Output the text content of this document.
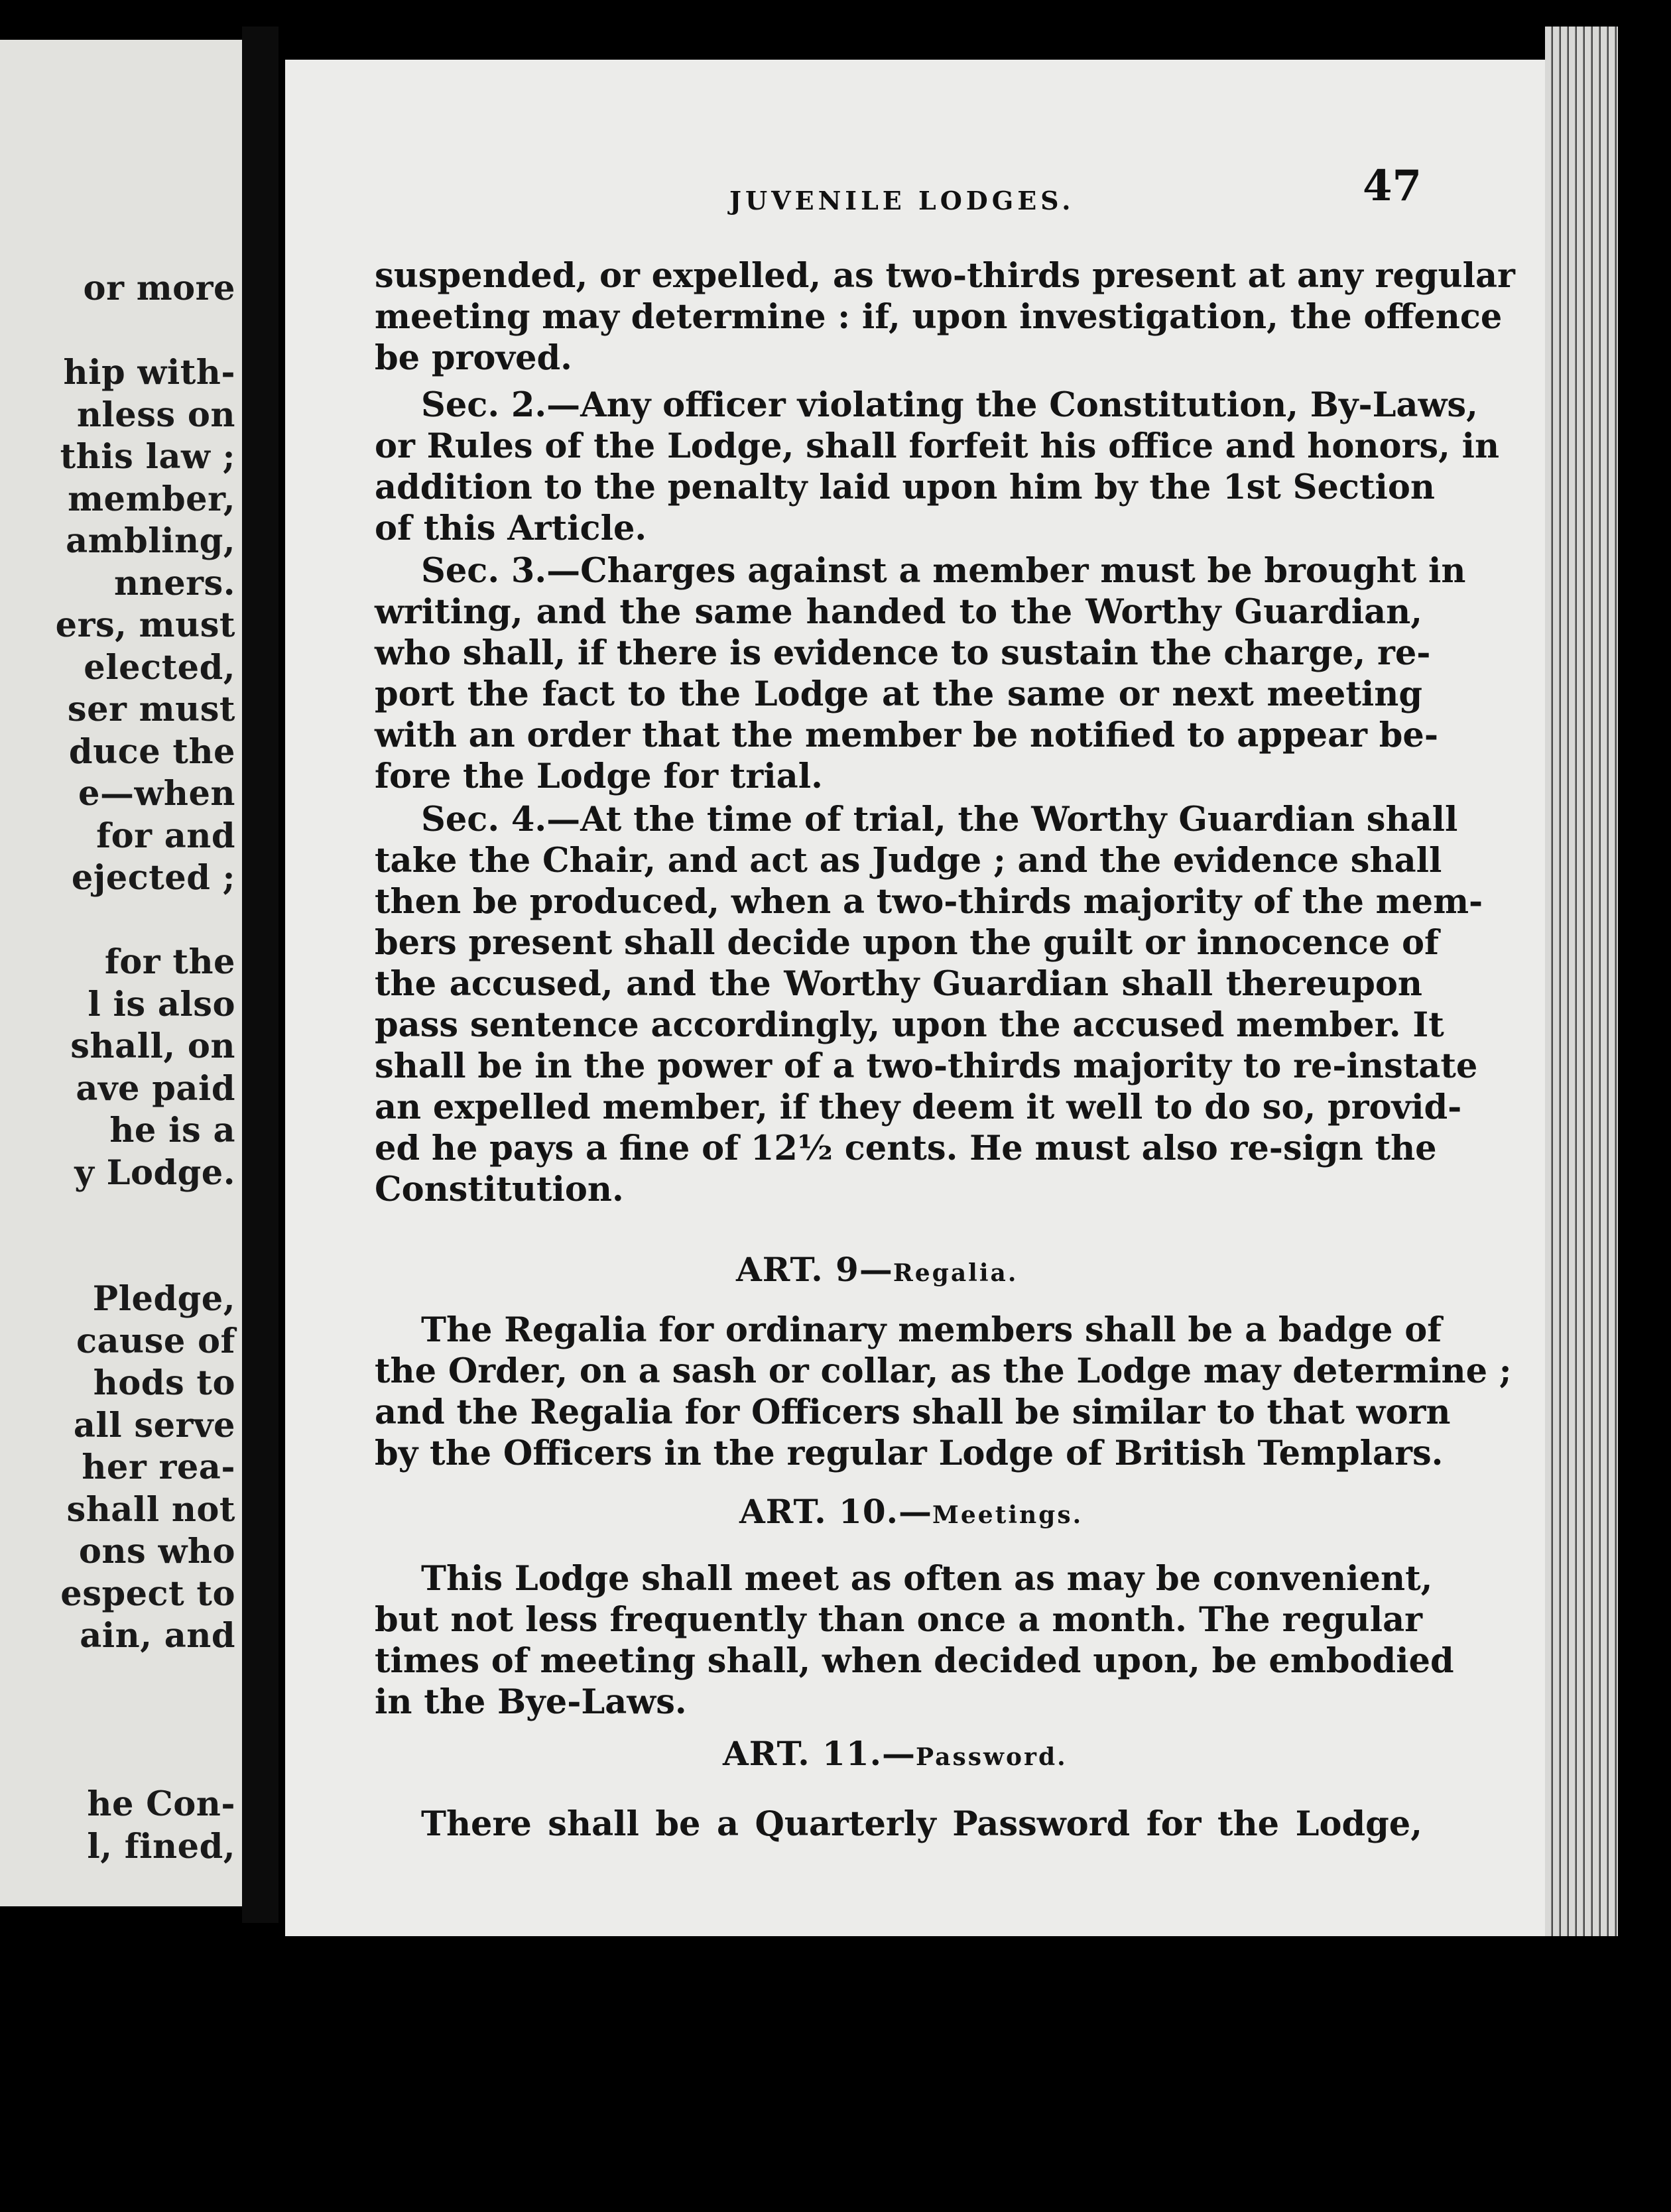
or more
hip with-
nless on
this law ;
member,
ambling,
nners.
ers, must
elected,
ser must
duce the
e—when
for and
ejected ;
for the
l is also
shall, on
ave paid
he is a
y Lodge.
Pledge,
cause of
hods to
all serve
her rea-
shall not
ons who
espect to
ain, and
he Con-
l, fined,
JUVENILE LODGES.	47
suspended, or expelled, as two-thirds present at any regular
meeting may determine : if, upon investigation, the offence
be proved.
Sec. 2.—Any officer violating the Constitution, By-Laws,
or Rules of the Lodge, shall forfeit his office and honors, in
addition to the penalty laid upon him by the 1st Section
of this Article.
Sec. 3.—Charges against a member must be brought in
writing, and the same handed to the Worthy Guardian,
who shall, if there is evidence to sustain the charge, re-
port the fact to the Lodge at the same or next meeting
with an order that the member be notified to appear be-
fore the Lodge for trial.
Sec. 4.—At the time of trial, the Worthy Guardian shall
take the Chair, and act as Judge ; and the evidence shall
then be produced, when a two-thirds majority of the mem-
bers present shall decide upon the guilt or innocence of
the accused, and the Worthy Guardian shall thereupon
pass sentence accordingly, upon the accused member. It
shall be in the power of a two-thirds majority to re-instate
an expelled member, if they deem it well to do so, provid-
ed he pays a fine of 12½ cents. He must also re-sign the
Constitution.
ART. 9—Regalia.
The Regalia for ordinary members shall be a badge of
the Order, on a sash or collar, as the Lodge may determine ;
and the Regalia for Officers shall be similar to that worn
by the Officers in the regular Lodge of British Templars.
ART. 10.—Meetings.
This Lodge shall meet as often as may be convenient,
but not less frequently than once a month. The regular
times of meeting shall, when decided upon, be embodied
in the Bye-Laws.
ART. 11.—Password.
There shall be a Quarterly Password for the Lodge,
